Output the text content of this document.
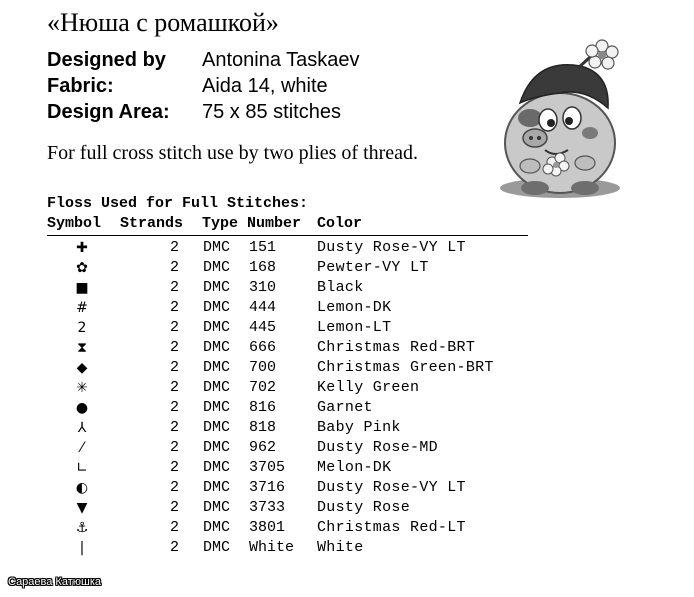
«Нюша с ромашкой»
Designed by Antonina Taskaev
Fabric:	Aida 14, white
Design Area: 75 x 85 stitches
For full cross stitch use by two plies of thread.
Floss Used for Full Stitches:
Symbol Strands Type Number Color
✚	2 DMC 151	Dusty Rose-VY LT
✿	2 DMC 168	Pewter-VY LT
■	2 DMC 310	Black
#	2 DMC 444	Lemon-DK
2	2 DMC 445	Lemon-LT
⧗	2 DMC 666	Christmas Red-BRT
◆	2 DMC 700	Christmas Green-BRT
✳	2 DMC 702	Kelly Green
●	2 DMC 816	Garnet
⅄	2 DMC 818	Baby Pink
⁄	2 DMC 962	Dusty Rose-MD
∟	2 DMC 3705 Melon-DK
◐	2 DMC 3716 Dusty Rose-VY LT
▼	2 DMC 3733 Dusty Rose
⚓	2 DMC 3801 Christmas Red-LT
|	2 DMC White White
Сараева Катюшка
